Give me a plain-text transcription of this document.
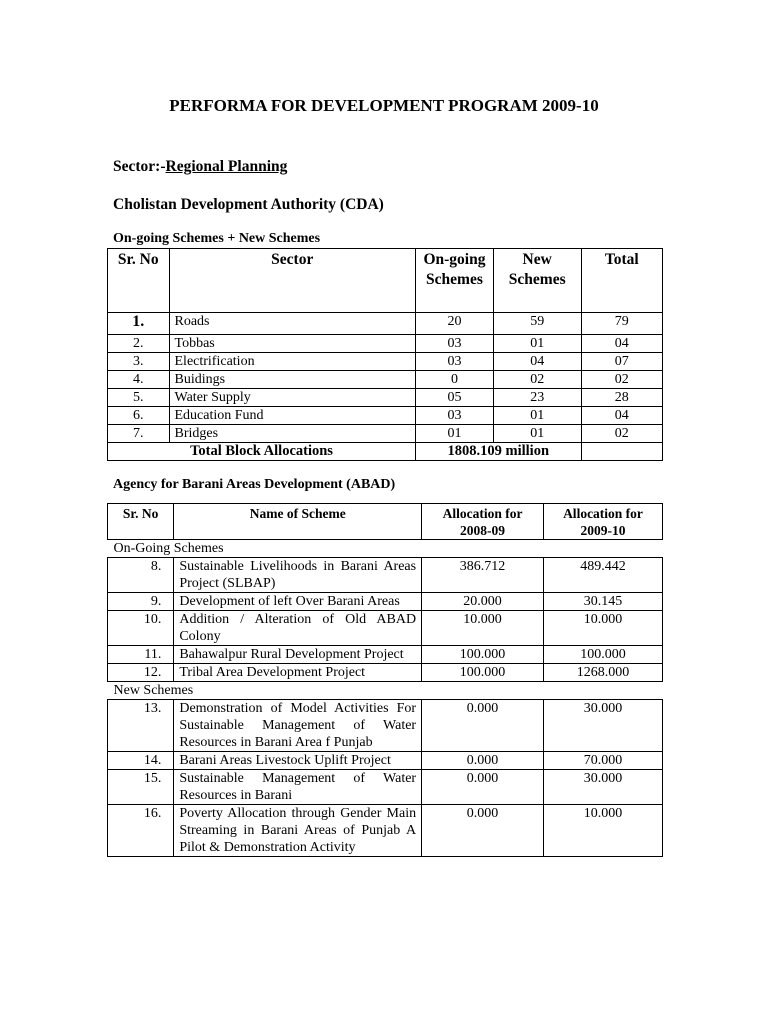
PERFORMA FOR DEVELOPMENT PROGRAM 2009-10
Sector:-Regional Planning
Cholistan Development Authority (CDA)
On-going Schemes + New Schemes
Sr. No	Sector	On-going Schemes	New Schemes	Total
1.	Roads	20	59	79
2.	Tobbas	03	01	04
3.	Electrification	03	04	07
4.	Buidings	0	02	02
5.	Water Supply	05	23	28
6.	Education Fund	03	01	04
7.	Bridges	01	01	02
Total Block Allocations		1808.109 million		
Agency for Barani Areas Development (ABAD)
Sr. No	Name of Scheme	Allocation for 2008-09	Allocation for 2009-10
On-Going Schemes			
8.	Sustainable Livelihoods in Barani Areas Project (SLBAP)	386.712	489.442
9.	Development of left Over Barani Areas	20.000	30.145
10.	Addition / Alteration of Old ABAD Colony	10.000	10.000
11.	Bahawalpur Rural Development Project	100.000	100.000
12.	Tribal Area Development Project	100.000	1268.000
New Schemes			
13.	Demonstration of Model Activities For Sustainable Management of Water Resources in Barani Area f Punjab	0.000	30.000
14.	Barani Areas Livestock Uplift Project	0.000	70.000
15.	Sustainable Management of Water Resources in Barani	0.000	30.000
16.	Poverty Allocation through Gender Main Streaming in Barani Areas of Punjab A Pilot & Demonstration Activity	0.000	10.000
